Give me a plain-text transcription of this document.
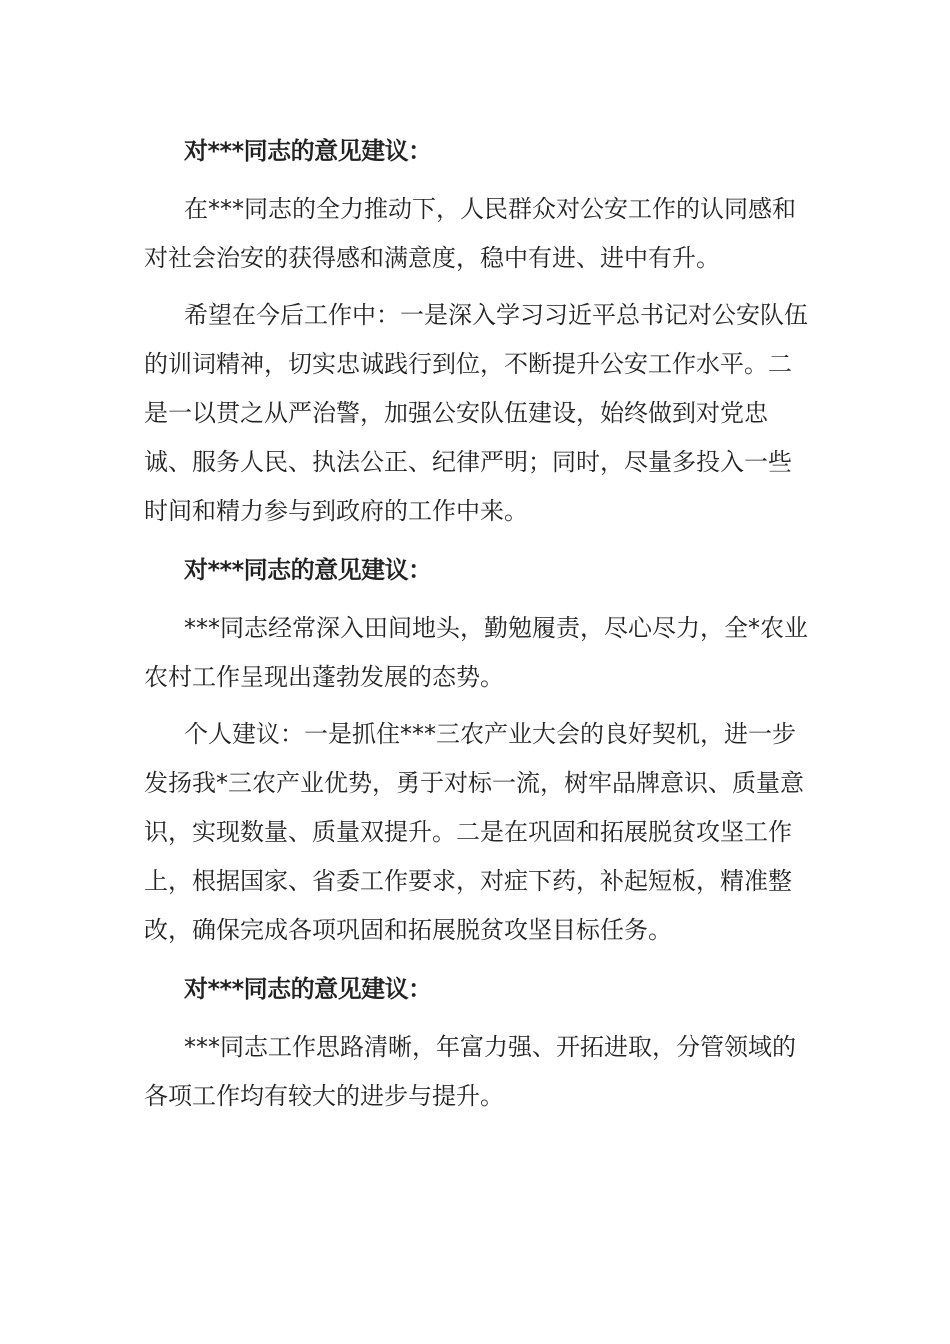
对***同志的意见建议：
在***同志的全力推动下，人民群众对公安工作的认同感和对社会治安的获得感和满意度，稳中有进、进中有升。
希望在今后工作中：一是深入学习习近平总书记对公安队伍的训词精神，切实忠诚践行到位，不断提升公安工作水平。二是一以贯之从严治警，加强公安队伍建设，始终做到对党忠诚、服务人民、执法公正、纪律严明；同时，尽量多投入一些时间和精力参与到政府的工作中来。
对***同志的意见建议：
***同志经常深入田间地头，勤勉履责，尽心尽力，全*农业农村工作呈现出蓬勃发展的态势。
个人建议：一是抓住***三农产业大会的良好契机，进一步发扬我*三农产业优势，勇于对标一流，树牢品牌意识、质量意识，实现数量、质量双提升。二是在巩固和拓展脱贫攻坚工作上，根据国家、省委工作要求，对症下药，补起短板，精准整改，确保完成各项巩固和拓展脱贫攻坚目标任务。
对***同志的意见建议：
***同志工作思路清晰，年富力强、开拓进取，分管领域的各项工作均有较大的进步与提升。
